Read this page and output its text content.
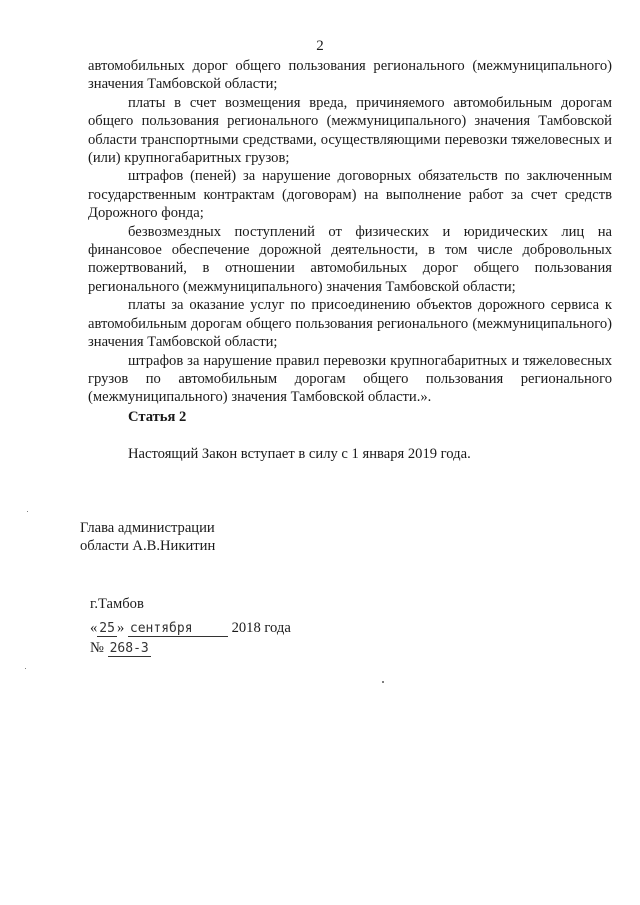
2

автомобильных дорог общего пользования регионального (межмуниципального) значения Тамбовской области;

платы в счет возмещения вреда, причиняемого автомобильным дорогам общего пользования регионального (межмуниципального) значения Тамбовской области транспортными средствами, осуществляющими перевозки тяжеловесных и (или) крупногабаритных грузов;

штрафов (пеней) за нарушение договорных обязательств по заключенным государственным контрактам (договорам) на выполнение работ за счет средств Дорожного фонда;

безвозмездных поступлений от физических и юридических лиц на финансовое обеспечение дорожной деятельности, в том числе добровольных пожертвований, в отношении автомобильных дорог общего пользования регионального (межмуниципального) значения Тамбовской области;

платы за оказание услуг по присоединению объектов дорожного сервиса к автомобильным дорогам общего пользования регионального (межмуниципального) значения Тамбовской области;

штрафов за нарушение правил перевозки крупногабаритных и тяжеловесных грузов по автомобильным дорогам общего пользования регионального (межмуниципального) значения Тамбовской области.».

Статья 2
Настоящий Закон вступает в силу с 1 января 2019 года.
Глава администрации
области А.В.Никитин
г.Тамбов
« 25 » сентября	2018 года
№ 268-З
